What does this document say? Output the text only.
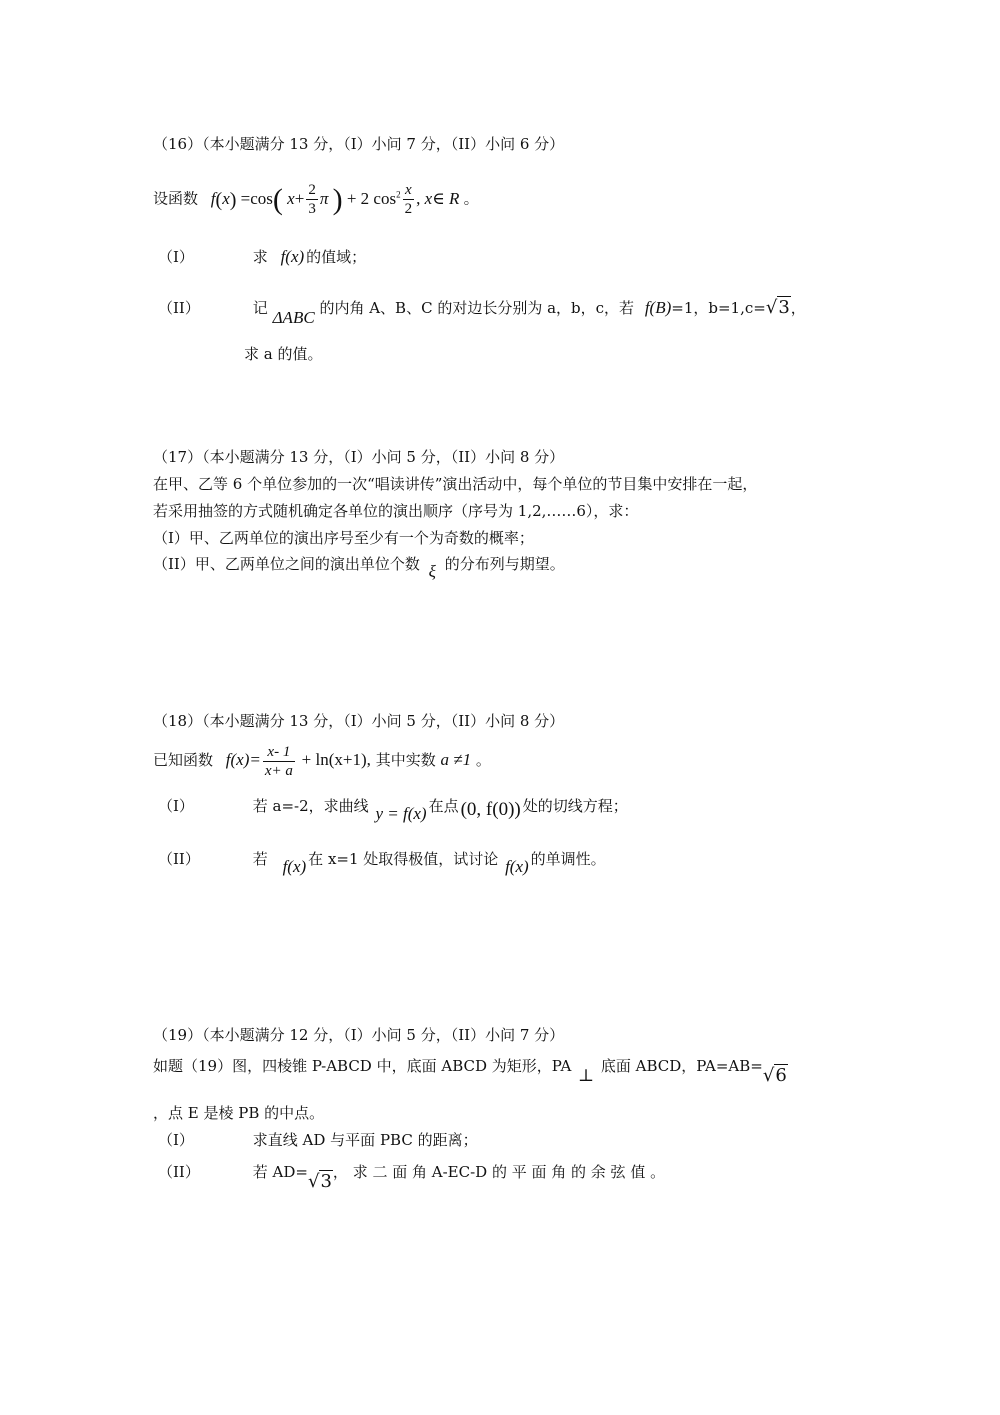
（16）（本小题满分 13 分，（I）小问 7 分，（II）小问 6 分）
设函数 f(x) =cos( $x+ \frac{2}{3}$ π ) + 2 $\cos^2 \frac{x}{2}$ , x∈ R 。
（I）	求 f(x) 的值域；
（II）	记 ΔABC 的内角 A、B、C 的对边长分别为 a，b，c，若 f(B)=1，b=1,c=√3，
求 a 的值。
（17）（本小题满分 13 分，（I）小问 5 分，（II）小问 8 分）
在甲、乙等 6 个单位参加的一次“唱读讲传”演出活动中，每个单位的节目集中安排在一起，
若采用抽签的方式随机确定各单位的演出顺序（序号为 1,2,……6），求：
（I）甲、乙两单位的演出序号至少有一个为奇数的概率；
（II）甲、乙两单位之间的演出单位个数 ξ 的分布列与期望。
（18）（本小题满分 13 分，（I）小问 5 分，（II）小问 8 分）
已知函数 $f(x)= \frac{x- 1}{x+ a} + \ln(x+1)$, 其中实数 a ≠1 。
（I）	若 a=-2，求曲线 y = f(x) 在点 (0, f(0)) 处的切线方程；
（II）	若 f(x) 在 x=1 处取得极值，试讨论 f(x) 的单调性。
（19）（本小题满分 12 分，（I）小问 5 分，（II）小问 7 分）
如题（19）图，四棱锥 P-ABCD 中，底面 ABCD 为矩形，PA ⊥ 底面 ABCD，PA=AB=√6
，点 E 是棱 PB 的中点。
（I）	求直线 AD 与平面 PBC 的距离；
（II）	若 AD=√3， 求 二 面 角 A-EC-D 的 平 面 角 的 余 弦 值 。
